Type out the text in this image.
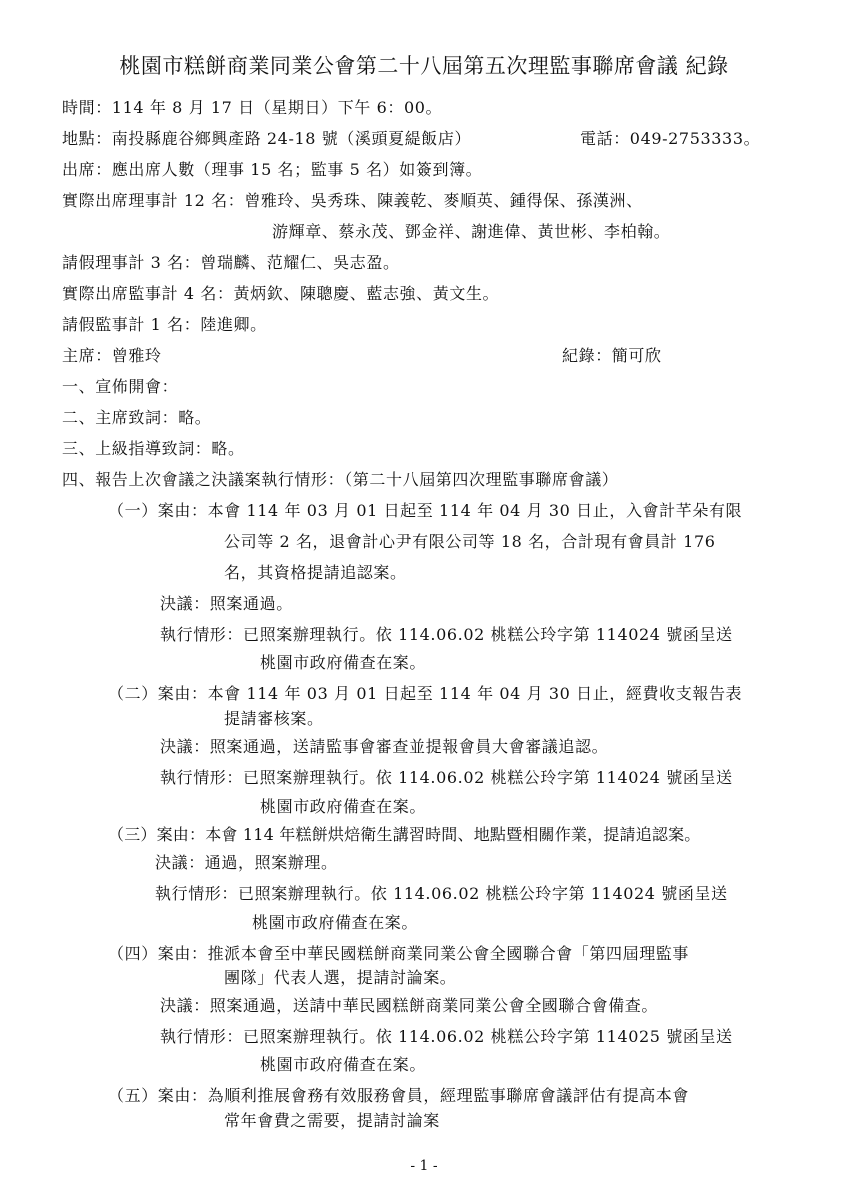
桃園市糕餅商業同業公會第二十八屆第五次理監事聯席會議 紀錄
時間：114 年 8 月 17 日（星期日）下午 6：00。
地點：南投縣鹿谷鄉興產路 24-18 號（溪頭夏緹飯店）	電話：049-2753333。
出席：應出席人數（理事 15 名；監事 5 名）如簽到簿。
實際出席理事計 12 名：曾雅玲、吳秀珠、陳義乾、麥順英、鍾得保、孫漢洲、
游輝章、蔡永茂、鄧金祥、謝進偉、黃世彬、李柏翰。
請假理事計 3 名：曾瑞麟、范耀仁、吳志盈。
實際出席監事計 4 名：黃炳欽、陳聰慶、藍志強、黃文生。
請假監事計 1 名：陸進卿。
主席：曾雅玲	紀錄：簡可欣
一、宣佈開會：
二、主席致詞：略。
三、上級指導致詞：略。
四、報告上次會議之決議案執行情形：（第二十八屆第四次理監事聯席會議）
（一）案由：本會 114 年 03 月 01 日起至 114 年 04 月 30 日止，入會計芊朵有限
公司等 2 名，退會計心尹有限公司等 18 名，合計現有會員計 176
名，其資格提請追認案。
決議：照案通過。
執行情形：已照案辦理執行。依 114.06.02 桃糕公玲字第 114024 號函呈送
桃園市政府備查在案。
（二）案由：本會 114 年 03 月 01 日起至 114 年 04 月 30 日止，經費收支報告表
提請審核案。
決議：照案通過，送請監事會審查並提報會員大會審議追認。
執行情形：已照案辦理執行。依 114.06.02 桃糕公玲字第 114024 號函呈送
桃園市政府備查在案。
（三）案由：本會 114 年糕餅烘焙衛生講習時間、地點暨相關作業，提請追認案。
決議：通過，照案辦理。
執行情形：已照案辦理執行。依 114.06.02 桃糕公玲字第 114024 號函呈送
桃園市政府備查在案。
（四）案由：推派本會至中華民國糕餅商業同業公會全國聯合會「第四屆理監事
團隊」代表人選，提請討論案。
決議：照案通過，送請中華民國糕餅商業同業公會全國聯合會備查。
執行情形：已照案辦理執行。依 114.06.02 桃糕公玲字第 114025 號函呈送
桃園市政府備查在案。
（五）案由：為順利推展會務有效服務會員，經理監事聯席會議評估有提高本會
常年會費之需要，提請討論案
- 1 -
